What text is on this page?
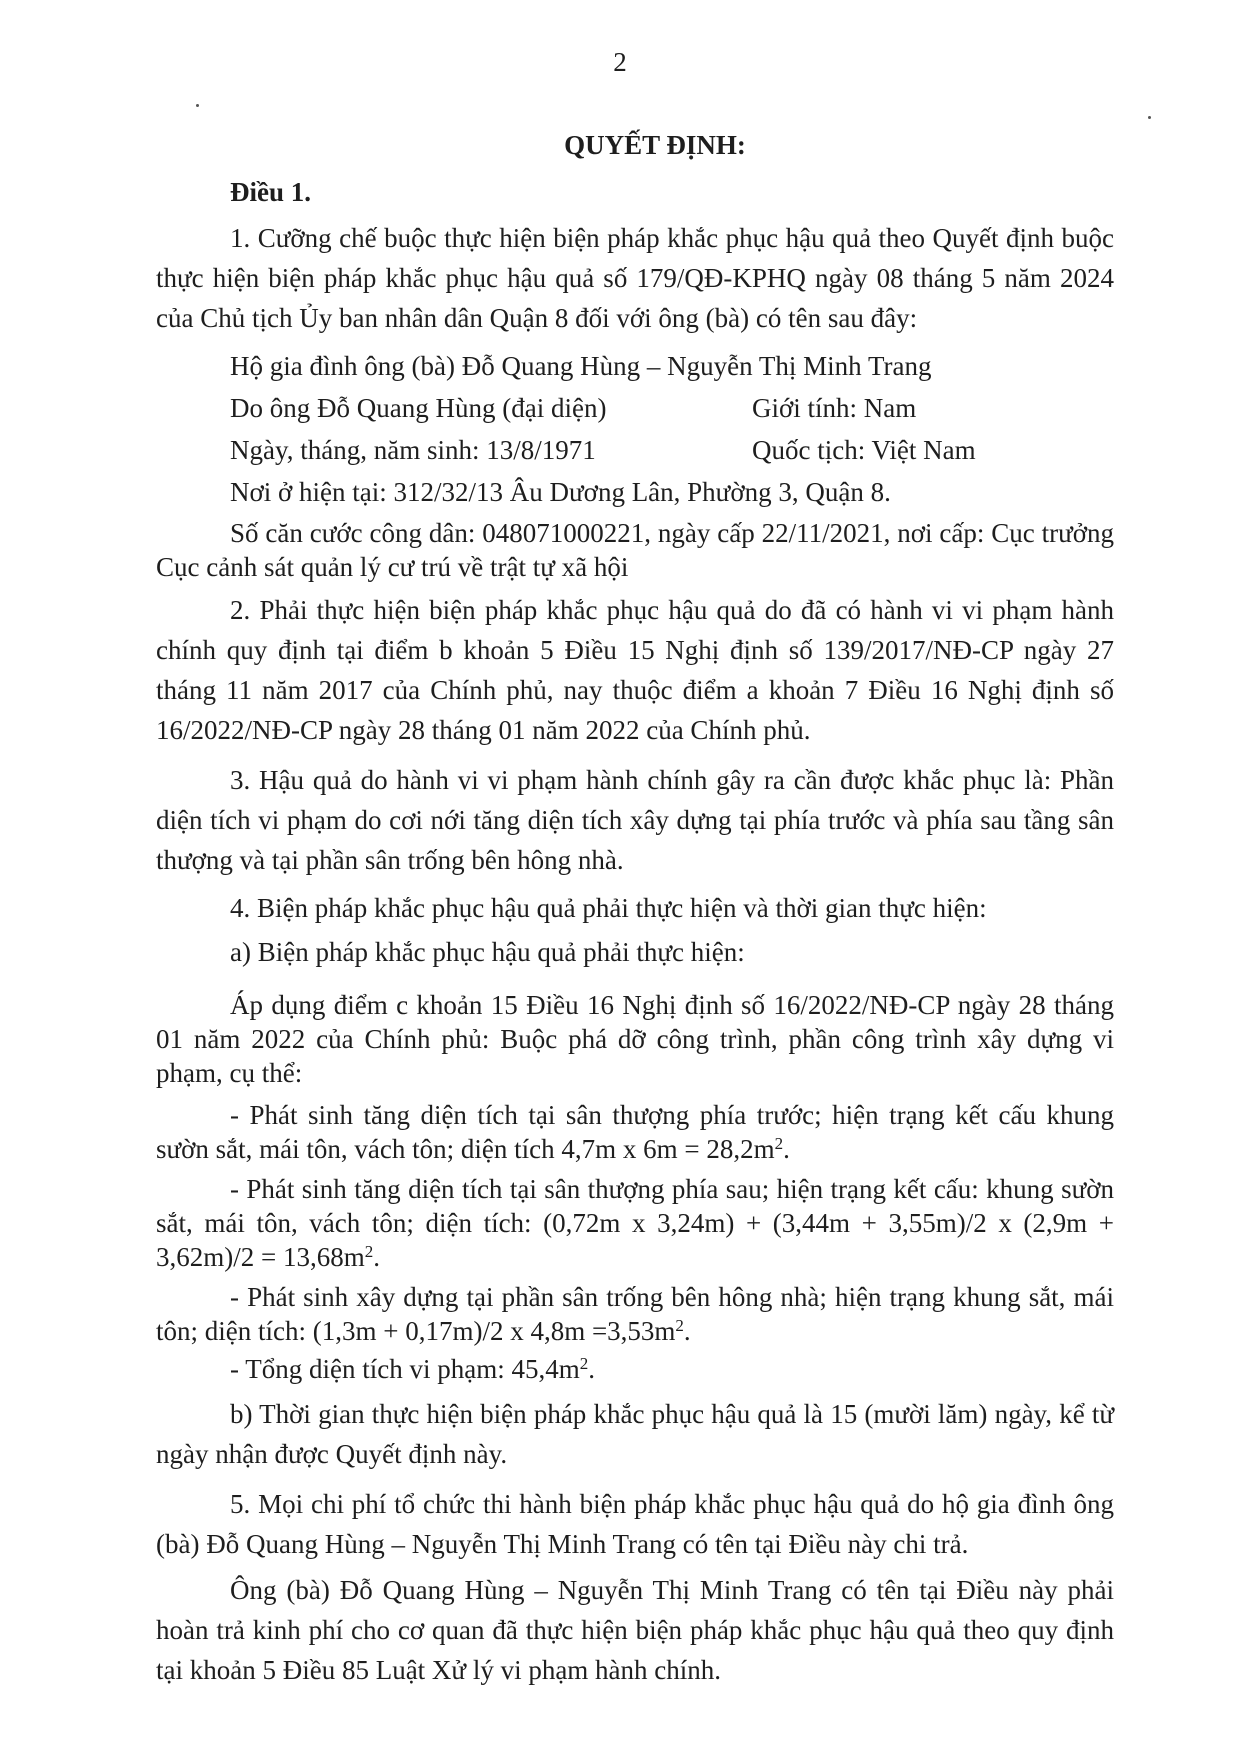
2
QUYẾT ĐỊNH:
Điều 1.
1. Cưỡng chế buộc thực hiện biện pháp khắc phục hậu quả theo Quyết định buộc thực hiện biện pháp khắc phục hậu quả số 179/QĐ-KPHQ ngày 08 tháng 5 năm 2024 của Chủ tịch Ủy ban nhân dân Quận 8 đối với ông (bà) có tên sau đây:
Hộ gia đình ông (bà) Đỗ Quang Hùng – Nguyễn Thị Minh Trang
Do ông Đỗ Quang Hùng (đại diện)	Giới tính: Nam
Ngày, tháng, năm sinh: 13/8/1971	Quốc tịch: Việt Nam
Nơi ở hiện tại: 312/32/13 Âu Dương Lân, Phường 3, Quận 8.
Số căn cước công dân: 048071000221, ngày cấp 22/11/2021, nơi cấp: Cục trưởng Cục cảnh sát quản lý cư trú về trật tự xã hội
2. Phải thực hiện biện pháp khắc phục hậu quả do đã có hành vi vi phạm hành chính quy định tại điểm b khoản 5 Điều 15 Nghị định số 139/2017/NĐ-CP ngày 27 tháng 11 năm 2017 của Chính phủ, nay thuộc điểm a khoản 7 Điều 16 Nghị định số 16/2022/NĐ-CP ngày 28 tháng 01 năm 2022 của Chính phủ.
3. Hậu quả do hành vi vi phạm hành chính gây ra cần được khắc phục là: Phần diện tích vi phạm do cơi nới tăng diện tích xây dựng tại phía trước và phía sau tầng sân thượng và tại phần sân trống bên hông nhà.
4. Biện pháp khắc phục hậu quả phải thực hiện và thời gian thực hiện:
a) Biện pháp khắc phục hậu quả phải thực hiện:
Áp dụng điểm c khoản 15 Điều 16 Nghị định số 16/2022/NĐ-CP ngày 28 tháng 01 năm 2022 của Chính phủ: Buộc phá dỡ công trình, phần công trình xây dựng vi phạm, cụ thể:
- Phát sinh tăng diện tích tại sân thượng phía trước; hiện trạng kết cấu khung sườn sắt, mái tôn, vách tôn; diện tích 4,7m x $6m = 28,2m^2$.
- Phát sinh tăng diện tích tại sân thượng phía sau; hiện trạng kết cấu: khung sườn sắt, mái tôn, vách tôn; diện tích: (0,72m x 3,24m) + (3,44m + 3,55m)/2 x $(2,9m + 3,62m)/2 = 13,68m^2$.
- Phát sinh xây dựng tại phần sân trống bên hông nhà; hiện trạng khung sắt, mái tôn; diện tích: (1,3m + 0,17m)/2 x $4,8m =3,53m^2$.
- Tổng diện tích vi phạm: $45,4m^2$.
b) Thời gian thực hiện biện pháp khắc phục hậu quả là 15 (mười lăm) ngày, kể từ ngày nhận được Quyết định này.
5. Mọi chi phí tổ chức thi hành biện pháp khắc phục hậu quả do hộ gia đình ông (bà) Đỗ Quang Hùng – Nguyễn Thị Minh Trang có tên tại Điều này chi trả.
Ông (bà) Đỗ Quang Hùng – Nguyễn Thị Minh Trang có tên tại Điều này phải hoàn trả kinh phí cho cơ quan đã thực hiện biện pháp khắc phục hậu quả theo quy định tại khoản 5 Điều 85 Luật Xử lý vi phạm hành chính.
